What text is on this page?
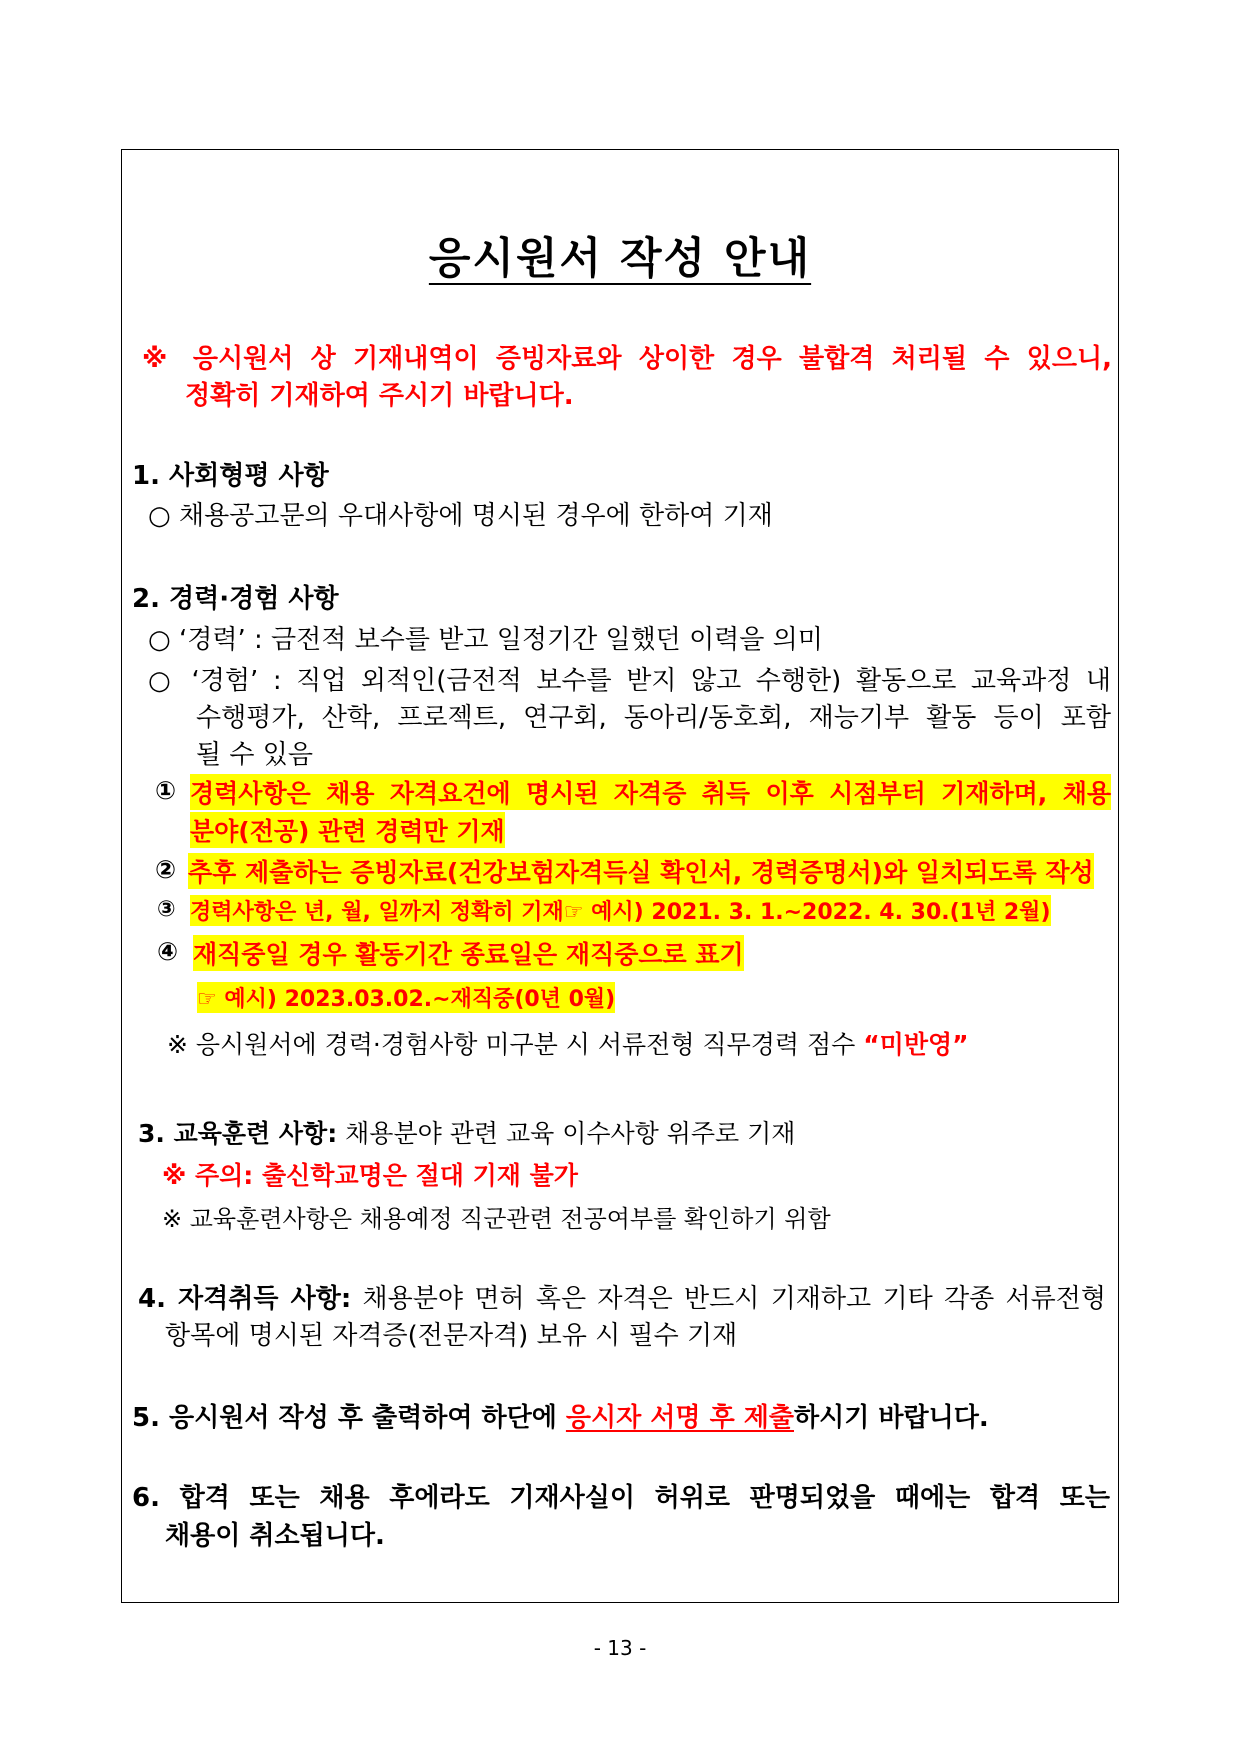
응시원서 작성 안내
※ 응시원서 상 기재내역이 증빙자료와 상이한 경우 불합격 처리될 수 있으니,
정확히 기재하여 주시기 바랍니다.
1. 사회형평 사항
○ 채용공고문의 우대사항에 명시된 경우에 한하여 기재
2. 경력·경험 사항
○ ‘경력’ : 금전적 보수를 받고 일정기간 일했던 이력을 의미
○ ‘경험’ : 직업 외적인(금전적 보수를 받지 않고 수행한) 활동으로 교육과정 내
수행평가, 산학, 프로젝트, 연구회, 동아리/동호회, 재능기부 활동 등이 포함
될 수 있음
① 경력사항은 채용 자격요건에 명시된 자격증 취득 이후 시점부터 기재하며, 채용
분야(전공) 관련 경력만 기재
② 추후 제출하는 증빙자료(건강보험자격득실 확인서, 경력증명서)와 일치되도록 작성
③ 경력사항은 년, 월, 일까지 정확히 기재☞ 예시) 2021. 3. 1.~2022. 4. 30.(1년 2월)
④ 재직중일 경우 활동기간 종료일은 재직중으로 표기
☞ 예시) 2023.03.02.~재직중(0년 0월)
※ 응시원서에 경력·경험사항 미구분 시 서류전형 직무경력 점수 “미반영”
3. 교육훈련 사항: 채용분야 관련 교육 이수사항 위주로 기재
※ 주의: 출신학교명은 절대 기재 불가
※ 교육훈련사항은 채용예정 직군관련 전공여부를 확인하기 위함
4. 자격취득 사항: 채용분야 면허 혹은 자격은 반드시 기재하고 기타 각종 서류전형
항목에 명시된 자격증(전문자격) 보유 시 필수 기재
5. 응시원서 작성 후 출력하여 하단에 응시자 서명 후 제출하시기 바랍니다.
6. 합격 또는 채용 후에라도 기재사실이 허위로 판명되었을 때에는 합격 또는
채용이 취소됩니다.
- 13 -
